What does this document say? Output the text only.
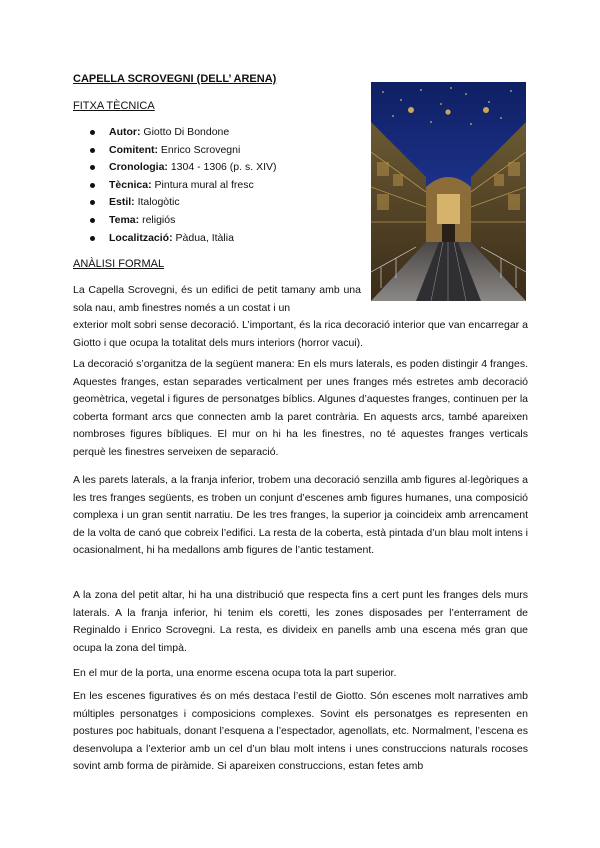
CAPELLA SCROVEGNI (DELL’ ARENA)
FITXA TÈCNICA
Autor: Giotto Di Bondone
Comitent: Enrico Scrovegni
Cronologia: 1304 - 1306 (p. s. XIV)
Tècnica: Pintura mural al fresc
Estil: Italogòtic
Tema: religiós
Localització: Pàdua, Itàlia
ANÀLISI FORMAL

La Capella Scrovegni, és un edifici de petit tamany amb una sola nau, amb finestres només a un costat i un

exterior molt sobri sense decoració. L’important, és la rica decoració interior que van encarregar a Giotto i que ocupa la totalitat dels murs interiors (horror vacui).

La decoració s’organitza de la següent manera: En els murs laterals, es poden distingir 4 franges. Aquestes franges, estan separades verticalment per unes franges més estretes amb decoració geomètrica, vegetal i figures de personatges bíblics. Algunes d’aquestes franges, continuen per la coberta formant arcs que connecten amb la paret contrària. En aquests arcs, també apareixen nombroses figures bíbliques. El mur on hi ha les finestres, no té aquestes franges verticals perquè les finestres serveixen de separació.

A les parets laterals, a la franja inferior, trobem una decoració senzilla amb figures al·legòriques a les tres franges següents, es troben un conjunt d’escenes amb figures humanes, una composició complexa i un gran sentit narratiu. De les tres franges, la superior ja coincideix amb arrencament de la volta de canó que cobreix l’edifici. La resta de la coberta, està pintada d’un blau molt intens i ocasionalment, hi ha medallons amb figures de l’antic testament.

A la zona del petit altar, hi ha una distribució que respecta fins a cert punt les franges dels murs laterals. A la franja inferior, hi tenim els coretti, les zones disposades per l’enterrament de Reginaldo i Enrico Scrovegni. La resta, es divideix en panells amb una escena més gran que ocupa la zona del timpà.

En el mur de la porta, una enorme escena ocupa tota la part superior.

En les escenes figuratives és on més destaca l’estil de Giotto. Són escenes molt narratives amb múltiples personatges i composicions complexes. Sovint els personatges es representen en postures poc habituals, donant l’esquena a l’espectador, agenollats, etc. Normalment, l’escena es desenvolupa a l’exterior amb un cel d’un blau molt intens i unes construccions naturals rocoses sovint amb forma de piràmide. Si apareixen construccions, estan fetes amb
